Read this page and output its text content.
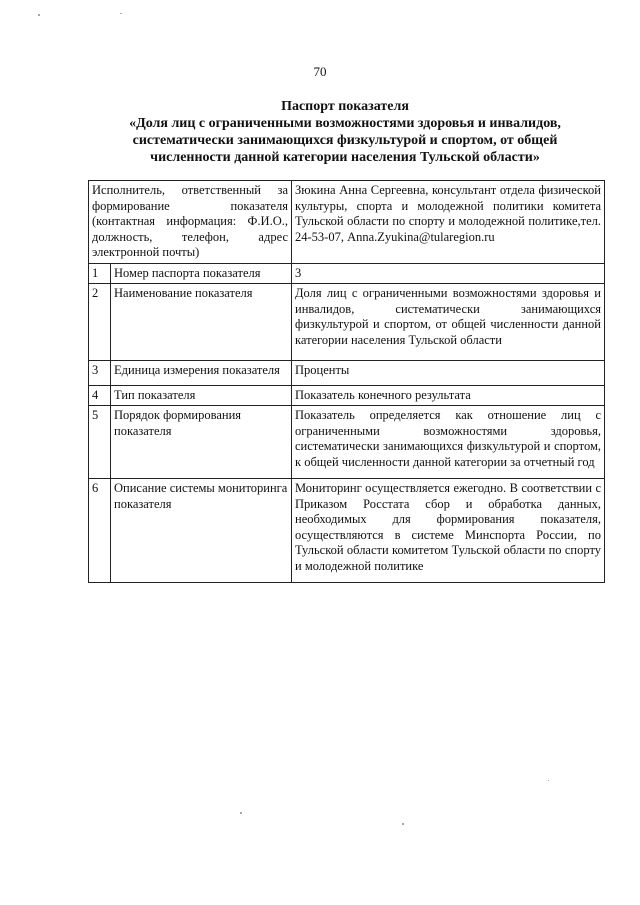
70
Паспорт показателя
«Доля лиц с ограниченными возможностями здоровья и инвалидов,
систематически занимающихся физкультурой и спортом, от общей
численности данной категории населения Тульской области»
Исполнитель, ответственный за формирование показателя (контактная информация: Ф.И.О., должность, телефон, адрес электронной почты)		Зюкина Анна Сергеевна, консультант отдела физической культуры, спорта и молодежной политики комитета Тульской области по спорту и молодежной политике,тел. 24-53-07, Anna.Zyukina@tularegion.ru
1	Номер паспорта показателя	3
2	Наименование показателя	Доля лиц с ограниченными возможностями здоровья и инвалидов, систематически занимающихся физкультурой и спортом, от общей численности данной категории населения Тульской области
3	Единица измерения показателя	Проценты
4	Тип показателя	Показатель конечного результата
5	Порядок формирования показателя	Показатель определяется как отношение лиц с ограниченными возможностями здоровья, систематически занимающихся физкультурой и спортом, к общей численности данной категории за отчетный год
6	Описание системы мониторинга показателя	Мониторинг осуществляется ежегодно. В соответствии с Приказом Росстата сбор и обработка данных, необходимых для формирования показателя, осуществляются в системе Минспорта России, по Тульской области комитетом Тульской области по спорту и молодежной политике
